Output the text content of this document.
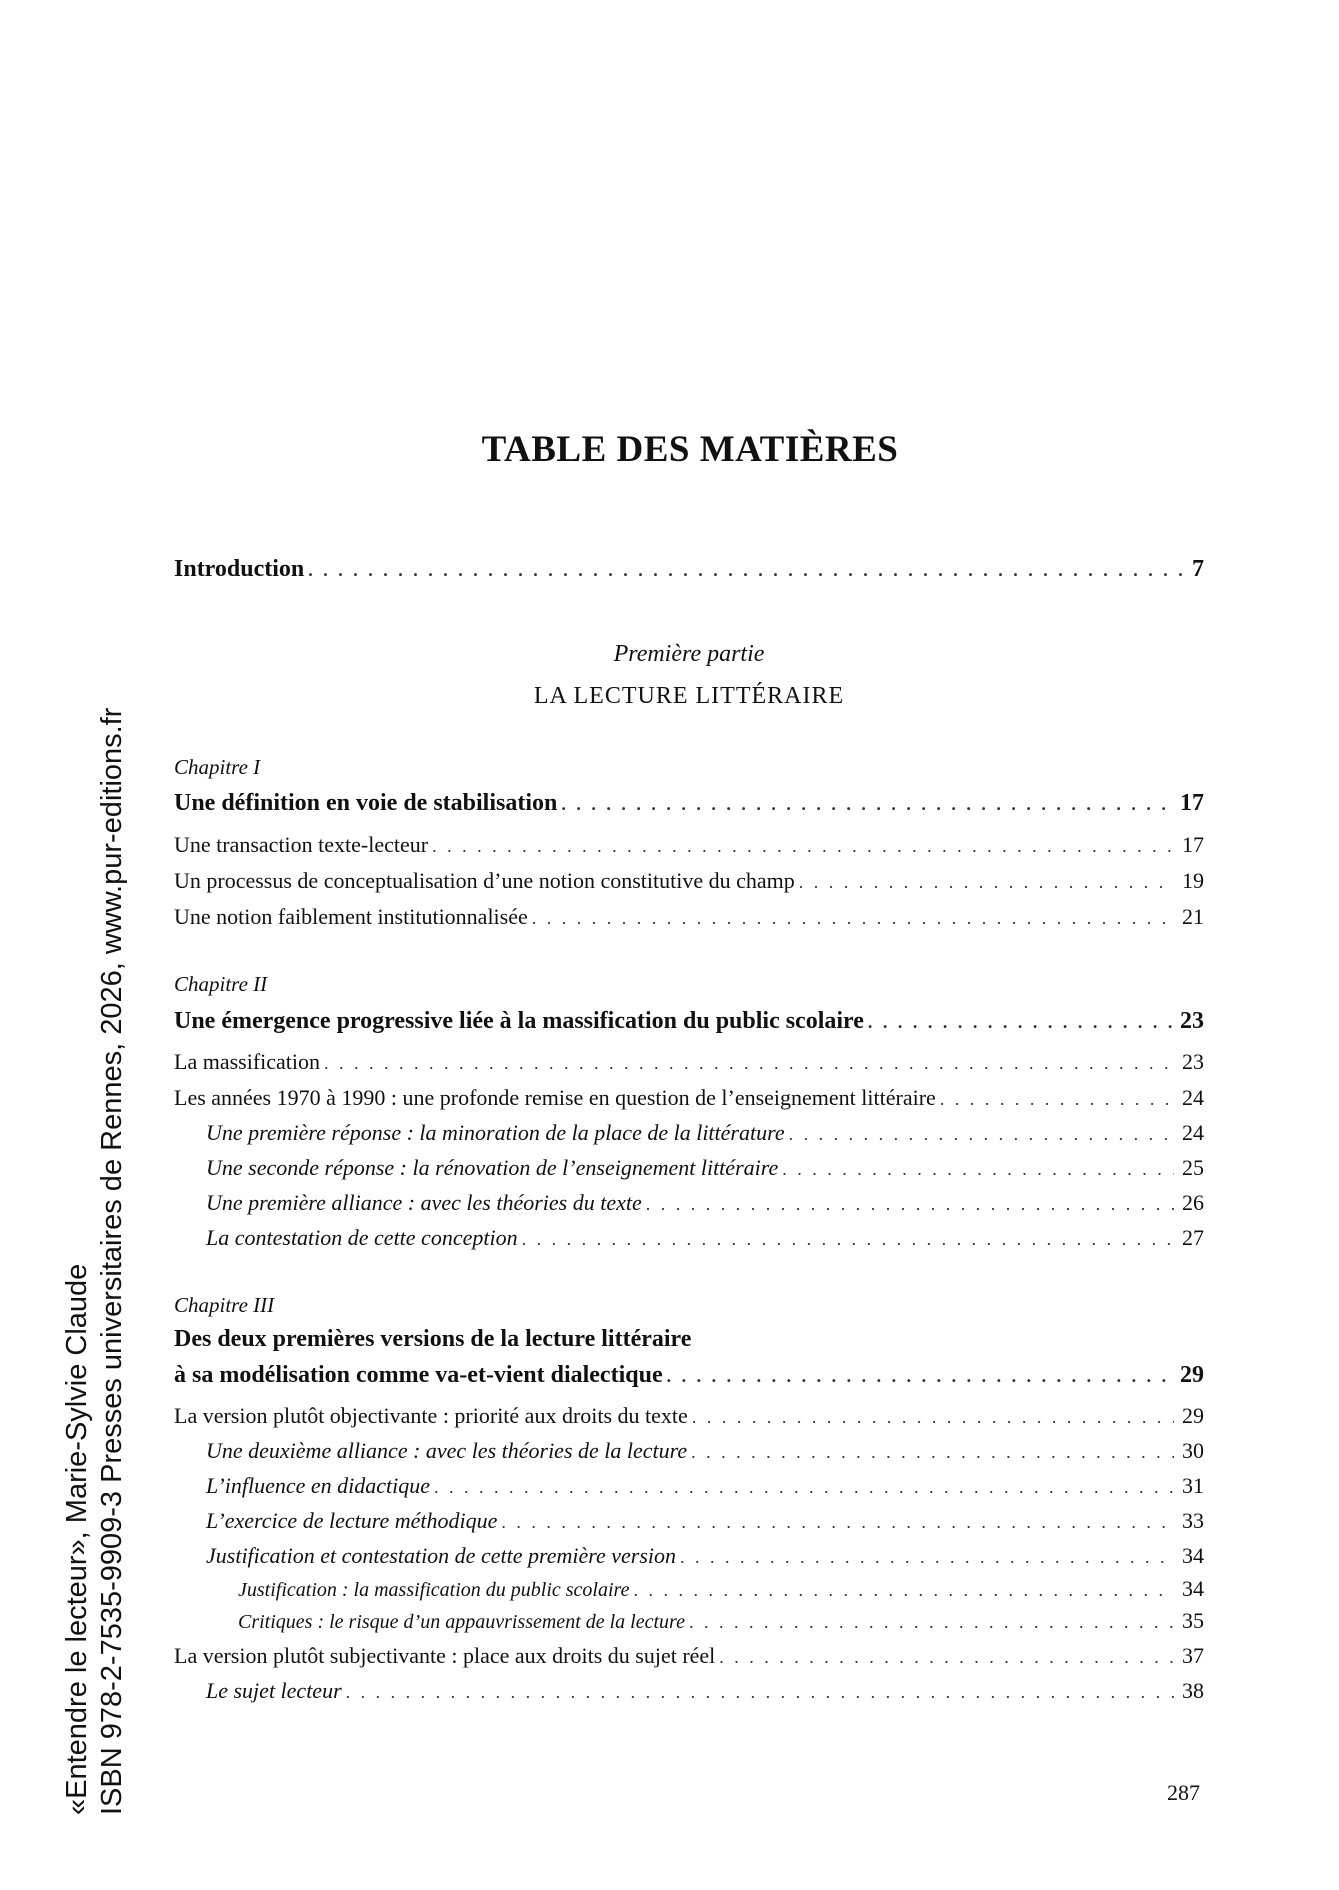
«Entendre le lecteur», Marie-Sylvie Claude ISBN 978-2-7535-9909-3 Presses universitaires de Rennes, 2026, www.pur-editions.fr
TABLE DES MATIÈRES
Introduction . . .	7
Première partie
LA LECTURE LITTÉRAIRE
Chapitre I
Une définition en voie de stabilisation . . .	17
Une transaction texte-lecteur . . .	17
Un processus de conceptualisation d’une notion constitutive du champ . . .	19
Une notion faiblement institutionnalisée . . .	21
Chapitre II
Une émergence progressive liée à la massification du public scolaire . . .	23
La massification . . .	23
Les années 1970 à 1990 : une profonde remise en question de l’enseignement littéraire . . .	24
Une première réponse : la minoration de la place de la littérature . . .	24
Une seconde réponse : la rénovation de l’enseignement littéraire . . .	25
Une première alliance : avec les théories du texte . . .	26
La contestation de cette conception . . .	27
Chapitre III
Des deux premières versions de la lecture littéraire
à sa modélisation comme va-et-vient dialectique . . .	29
La version plutôt objectivante : priorité aux droits du texte . . .	29
Une deuxième alliance : avec les théories de la lecture . . .	30
L’influence en didactique . . .	31
L’exercice de lecture méthodique . . .	33
Justification et contestation de cette première version . . .	34
Justification : la massification du public scolaire . . .	34
Critiques : le risque d’un appauvrissement de la lecture . . .	35
La version plutôt subjectivante : place aux droits du sujet réel . . .	37
Le sujet lecteur . . .	38
287
